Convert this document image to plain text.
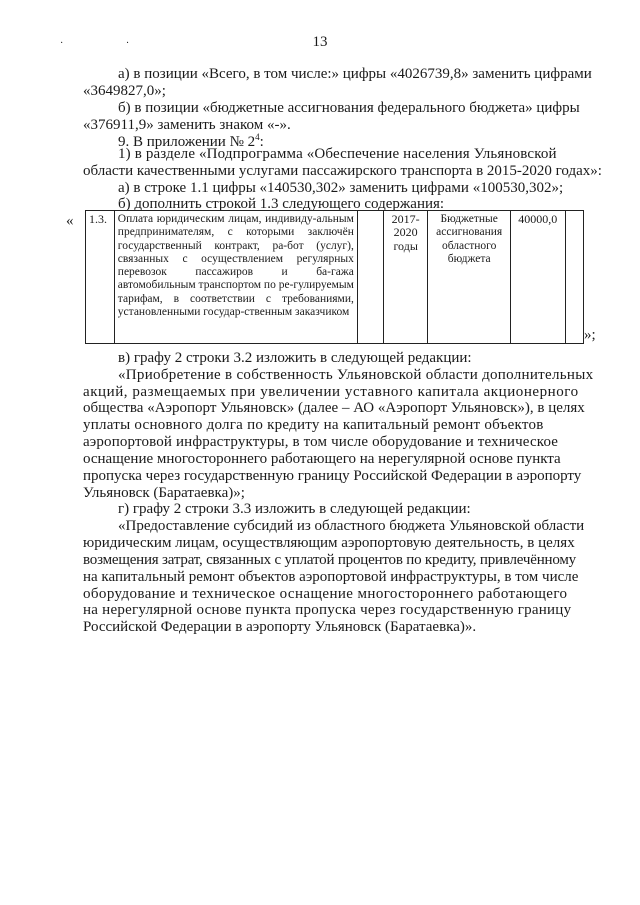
· ·	13
а) в позиции «Всего, в том числе:» цифры «4026739,8» заменить цифрами
«3649827,0»;
б) в позиции «бюджетные ассигнования федерального бюджета» цифры
«376911,9» заменить знаком «-».
9. В приложении № $2^4$:
1) в разделе «Подпрограмма «Обеспечение населения Ульяновской
области качественными услугами пассажирского транспорта в 2015-2020 годах»:
а) в строке 1.1 цифры «140530,302» заменить цифрами «100530,302»;
б) дополнить строкой 1.3 следующего содержания:
« 1.3.	Оплата юридическим лицам, индивиду-альным предпринимателям, с которыми заключён государственный контракт, ра-бот (услуг), связанных с осуществлением регулярных перевозок пассажиров и ба-гажа автомобильным транспортом по ре-гулируемым тарифам, в соответствии с требованиями, установленными государ-ственным заказчиком		2017-2020 годы	Бюджетные ассигнования областного бюджета	40000,0	
»;
в) графу 2 строки 3.2 изложить в следующей редакции:
«Приобретение в собственность Ульяновской области дополнительных
акций, размещаемых при увеличении уставного капитала акционерного
общества «Аэропорт Ульяновск» (далее – АО «Аэропорт Ульяновск»), в целях
уплаты основного долга по кредиту на капитальный ремонт объектов
аэропортовой инфраструктуры, в том числе оборудование и техническое
оснащение многостороннего работающего на нерегулярной основе пункта
пропуска через государственную границу Российской Федерации в аэропорту
Ульяновск (Баратаевка)»;
г) графу 2 строки 3.3 изложить в следующей редакции:
«Предоставление субсидий из областного бюджета Ульяновской области
юридическим лицам, осуществляющим аэропортовую деятельность, в целях
возмещения затрат, связанных с уплатой процентов по кредиту, привлечённому
на капитальный ремонт объектов аэропортовой инфраструктуры, в том числе
оборудование и техническое оснащение многостороннего работающего
на нерегулярной основе пункта пропуска через государственную границу
Российской Федерации в аэропорту Ульяновск (Баратаевка)».
